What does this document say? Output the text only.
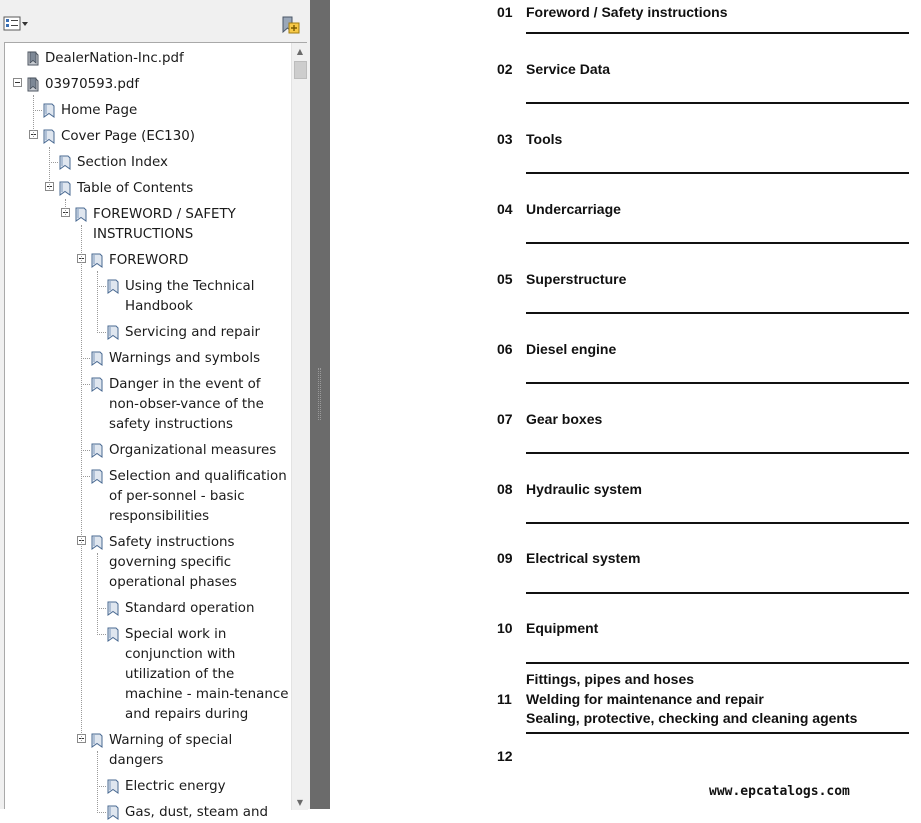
DealerNation-Inc.pdf
03970593.pdf
Home Page
Cover Page (EC130)
Section Index
Table of Contents
FOREWORD / SAFETY
INSTRUCTIONS
FOREWORD
Using the Technical
Handbook
Servicing and repair
Warnings and symbols
Danger in the event of
non-obser-vance of the
safety instructions
Organizational measures
Selection and qualification
of per-sonnel - basic
responsibilities
Safety instructions
governing specific
operational phases
Standard operation
Special work in
conjunction with
utilization of the
machine - main-tenance
and repairs during
Warning of special
dangers
Electric energy
Gas, dust, steam and
▲
▼
01 Foreword / Safety instructions
02 Service Data
03 Tools
04 Undercarriage
05 Superstructure
06 Diesel engine
07 Gear boxes
08 Hydraulic system
09 Electrical system
10 Equipment
11
Fittings, pipes and hoses
Welding for maintenance and repair
Sealing, protective, checking and cleaning agents
12
www.epcatalogs.com
